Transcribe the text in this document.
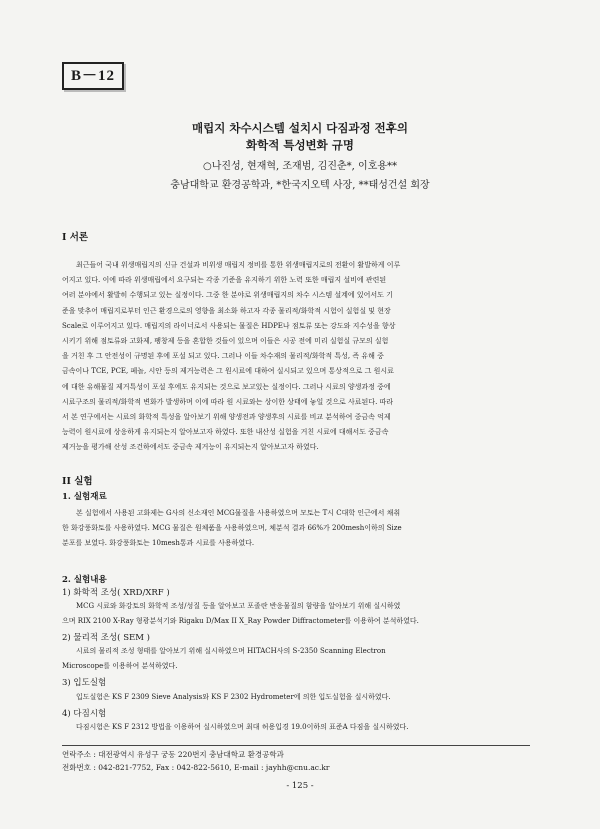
B－12
매립지 차수시스템 설치시 다짐과정 전후의
화학적 특성변화 규명
○나진성, 현재혁, 조재범, 김진춘*, 이호용**
충남대학교 환경공학과, *한국지오텍 사장, **태성건설 회장
I 서론
최근들어 국내 위생매립지의 신규 건설과 비위생 매립지 정비를 통한 위생매립지로의 전환이 활발하게 이루
어지고 있다. 이에 따라 위생매립에서 요구되는 각종 기준을 유지하기 위한 노력 또한 매립지 설비에 관련된
여러 분야에서 활발히 수행되고 있는 실정이다. 그중 한 분야로 위생매립지의 차수 시스템 설계에 있어서도 기
준을 맞추어 매립지로부터 인근 환경으로의 영향을 최소화 하고자 각종 물리적/화학적 시험이 실험실 및 현장
Scale로 이루어지고 있다. 매립지의 라이너로서 사용되는 물질은 HDPE나 점토류 또는 강도와 지수성을 향상
시키기 위해 점토류와 고화제, 팽창제 등을 혼합한 것들이 있으며 이들은 시공 전에 미리 실험실 규모의 실험
을 거친 후 그 안전성이 규명된 후에 포설 되고 있다. 그러나 이들 차수재의 물리적/화학적 특성, 즉 유해 중
금속이나 TCE, PCE, 페놀, 시안 등의 제거능력은 그 원시료에 대하여 실시되고 있으며 통상적으로 그 원시료
에 대한 유해물질 제거특성이 포설 후에도 유지되는 것으로 보고있는 실정이다. 그러나 시료의 양생과정 중에
시료구조의 물리적/화학적 변화가 발생하며 이에 따라 원 시료와는 상이한 상태에 놓일 것으로 사료된다. 따라
서 본 연구에서는 시료의 화학적 특성을 알아보기 위해 양생전과 양생후의 시료를 비교 분석하여 중금속 억제
능력이 원시료에 상응하게 유지되는지 알아보고자 하였다. 또한 내산성 실험을 거친 시료에 대해서도 중금속
제거능을 평가해 산성 조건하에서도 중금속 제거능이 유지되는지 알아보고자 하였다.
II 실험
1. 실험재료
본 실험에서 사용된 고화제는 G사의 신소재인 MCG물질을 사용하였으며 모토는 T시 C대학 인근에서 채취
한 화강풍화토를 사용하였다. MCG 물질은 원체품을 사용하였으며, 체분석 결과 66%가 200mesh이하의 Size
분포를 보였다. 화강풍화토는 10mesh통과 시료를 사용하였다.
2. 실험내용
1) 화학적 조성( XRD/XRF )
MCG 시료와 화강토의 화학적 조성/성질 등을 알아보고 포졸란 반응물질의 함량을 알아보기 위해 실시하였
으며 RIX 2100 X-Ray 형광분석기와 Rigaku D/Max II X_Ray Powder Diffractometer를 이용하여 분석하였다.
2) 물리적 조성( SEM )
시료의 물리적 조성 형태를 알아보기 위해 실시하였으며 HITACH사의 S-2350 Scanning Electron
Microscope를 이용하여 분석하였다.
3) 입도실험
입도실험은 KS F 2309 Sieve Analysis와 KS F 2302 Hydrometer에 의한 입도실험을 실시하였다.
4) 다짐시험
다짐시험은 KS F 2312 방법을 이용하여 실시하였으며 최대 허용입경 19.0이하의 표준A 다짐을 실시하였다.
연락주소 : 대전광역시 유성구 궁동 220번지 충남대학교 환경공학과
전화번호 : 042-821-7752, Fax : 042-822-5610, E-mail : jayhh@cnu.ac.kr
- 125 -
